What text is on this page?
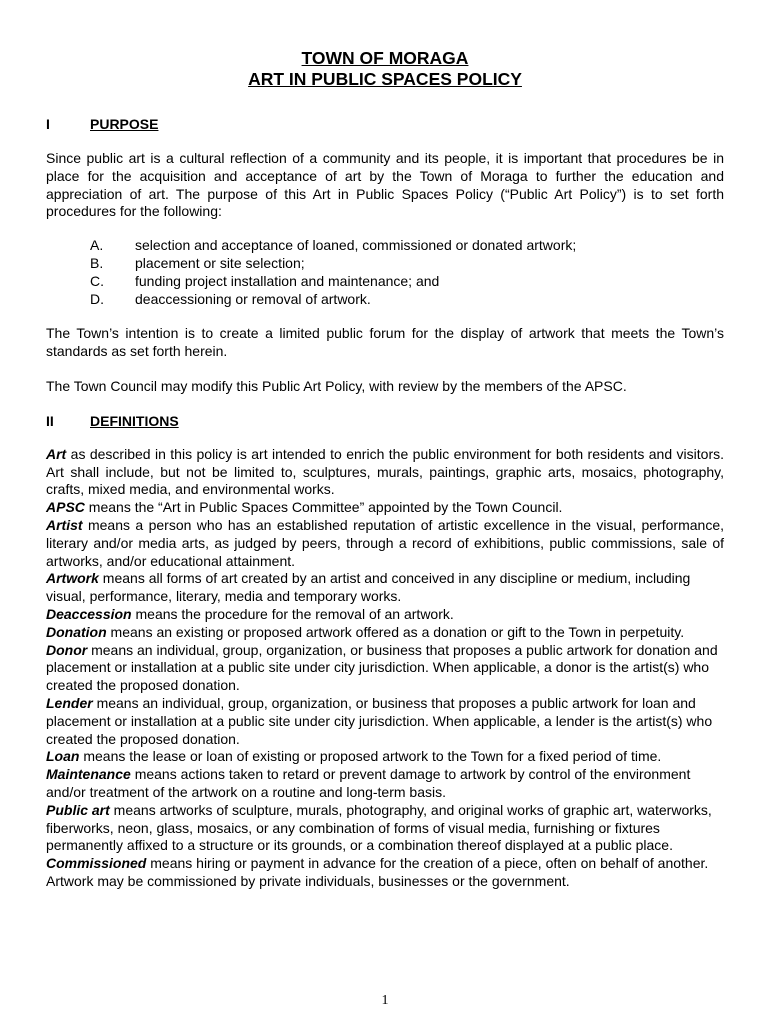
TOWN OF MORAGA
ART IN PUBLIC SPACES POLICY
I	PURPOSE

Since public art is a cultural reflection of a community and its people, it is important that procedures be in place for the acquisition and acceptance of art by the Town of Moraga to further the education and appreciation of art. The purpose of this Art in Public Spaces Policy (“Public Art Policy”) is to set forth procedures for the following:

A.	selection and acceptance of loaned, commissioned or donated artwork;
B.	placement or site selection;
C.	funding project installation and maintenance; and
D.	deaccessioning or removal of artwork.

The Town’s intention is to create a limited public forum for the display of artwork that meets the Town’s standards as set forth herein.

The Town Council may modify this Public Art Policy, with review by the members of the APSC.

II	DEFINITIONS
Art as described in this policy is art intended to enrich the public environment for both residents and visitors. Art shall include, but not be limited to, sculptures, murals, paintings, graphic arts, mosaics, photography, crafts, mixed media, and environmental works.
APSC means the “Art in Public Spaces Committee” appointed by the Town Council.
Artist means a person who has an established reputation of artistic excellence in the visual, performance, literary and/or media arts, as judged by peers, through a record of exhibitions, public commissions, sale of artworks, and/or educational attainment.
Artwork means all forms of art created by an artist and conceived in any discipline or medium, including visual, performance, literary, media and temporary works.
Deaccession means the procedure for the removal of an artwork.
Donation means an existing or proposed artwork offered as a donation or gift to the Town in perpetuity.
Donor means an individual, group, organization, or business that proposes a public artwork for donation and placement or installation at a public site under city jurisdiction. When applicable, a donor is the artist(s) who created the proposed donation.
Lender means an individual, group, organization, or business that proposes a public artwork for loan and placement or installation at a public site under city jurisdiction. When applicable, a lender is the artist(s) who created the proposed donation.
Loan means the lease or loan of existing or proposed artwork to the Town for a fixed period of time.
Maintenance means actions taken to retard or prevent damage to artwork by control of the environment and/or treatment of the artwork on a routine and long-term basis.
Public art means artworks of sculpture, murals, photography, and original works of graphic art, waterworks, fiberworks, neon, glass, mosaics, or any combination of forms of visual media, furnishing or fixtures permanently affixed to a structure or its grounds, or a combination thereof displayed at a public place.
Commissioned means hiring or payment in advance for the creation of a piece, often on behalf of another. Artwork may be commissioned by private individuals, businesses or the government.
1
